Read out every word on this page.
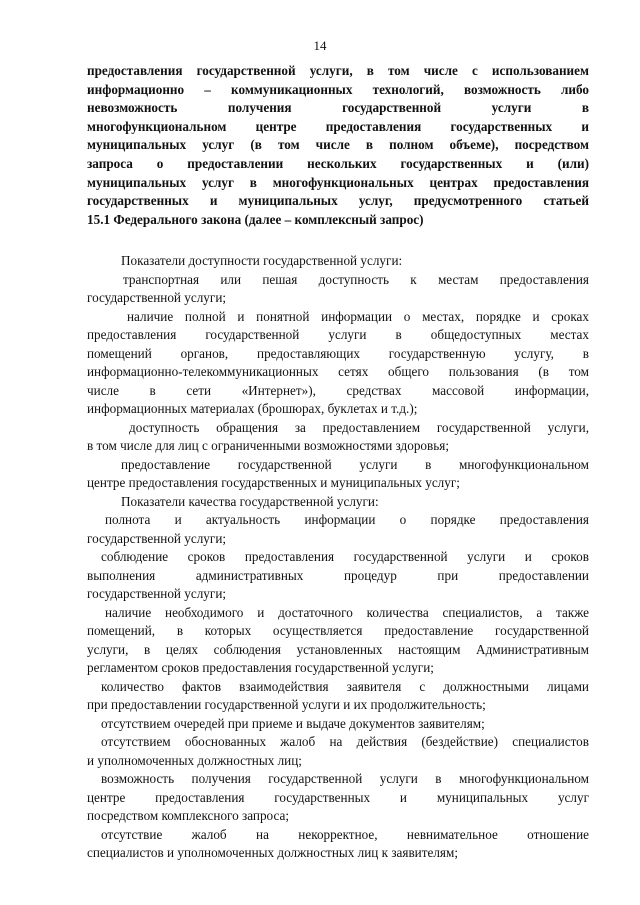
14
предоставления государственной услуги, в том числе с использованием
информационно – коммуникационных технологий, возможность либо
невозможность получения государственной услуги в
многофункциональном центре предоставления государственных и
муниципальных услуг (в том числе в полном объеме), посредством
запроса о предоставлении нескольких государственных и (или)
муниципальных услуг в многофункциональных центрах предоставления
государственных и муниципальных услуг, предусмотренного статьей
15.1 Федерального закона (далее – комплексный запрос)
Показатели доступности государственной услуги:
транспортная или пешая доступность к местам предоставления
государственной услуги;
наличие полной и понятной информации о местах, порядке и сроках
предоставления государственной услуги в общедоступных местах
помещений органов, предоставляющих государственную услугу, в
информационно-телекоммуникационных сетях общего пользования (в том
числе в сети «Интернет»), средствах массовой информации,
информационных материалах (брошюрах, буклетах и т.д.);
доступность обращения за предоставлением государственной услуги,
в том числе для лиц с ограниченными возможностями здоровья;
предоставление государственной услуги в многофункциональном
центре предоставления государственных и муниципальных услуг;
Показатели качества государственной услуги:
полнота и актуальность информации о порядке предоставления
государственной услуги;
соблюдение сроков предоставления государственной услуги и сроков
выполнения административных процедур при предоставлении
государственной услуги;
наличие необходимого и достаточного количества специалистов, а также
помещений, в которых осуществляется предоставление государственной
услуги, в целях соблюдения установленных настоящим Административным
регламентом сроков предоставления государственной услуги;
количество фактов взаимодействия заявителя с должностными лицами
при предоставлении государственной услуги и их продолжительность;
отсутствием очередей при приеме и выдаче документов заявителям;
отсутствием обоснованных жалоб на действия (бездействие) специалистов
и уполномоченных должностных лиц;
возможность получения государственной услуги в многофункциональном
центре предоставления государственных и муниципальных услуг
посредством комплексного запроса;
отсутствие жалоб на некорректное, невнимательное отношение
специалистов и уполномоченных должностных лиц к заявителям;
